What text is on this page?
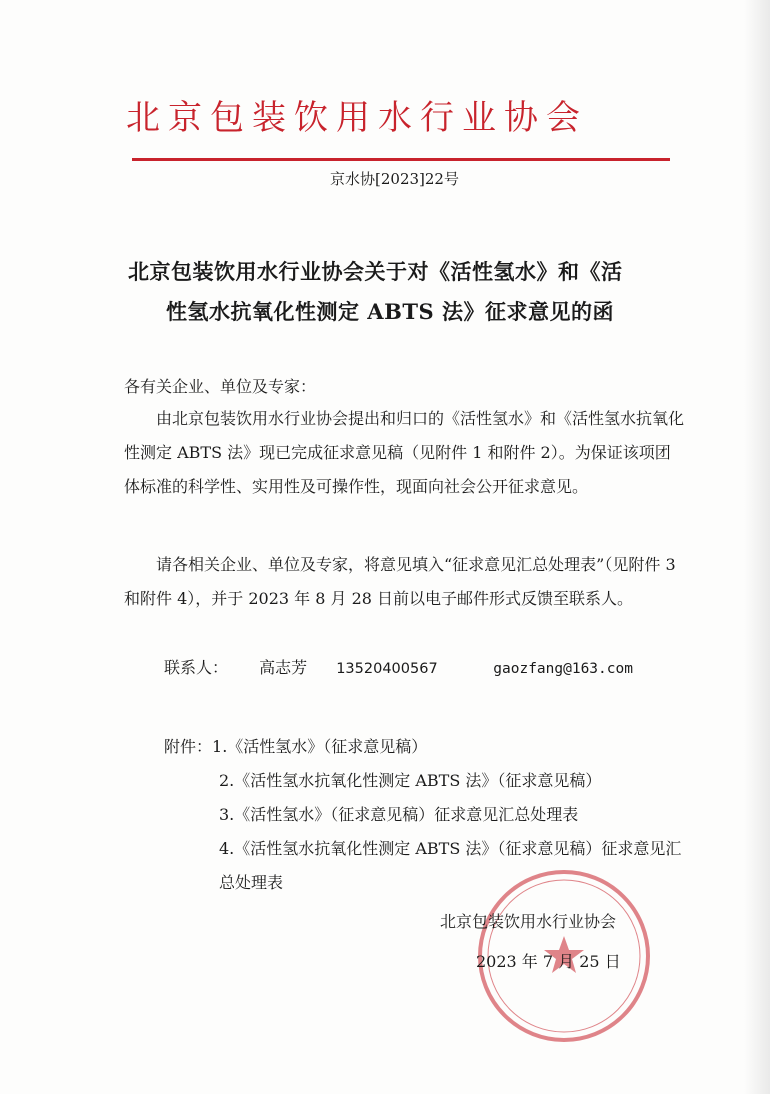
北京包装饮用水行业协会
京水协[2023]22号
北京包装饮用水行业协会关于对《活性氢水》和《活
性氢水抗氧化性测定 ABTS 法》征求意见的函
各有关企业、单位及专家：
由北京包装饮用水行业协会提出和归口的《活性氢水》和《活性氢水抗氧化性测定 ABTS 法》现已完成征求意见稿（见附件 1 和附件 2）。为保证该项团体标准的科学性、实用性及可操作性，现面向社会公开征求意见。
请各相关企业、单位及专家，将意见填入“征求意见汇总处理表”（见附件 3 和附件 4），并于 2023 年 8 月 28 日前以电子邮件形式反馈至联系人。
联系人： 高志芳 13520400567	gaozfang@163.com
附件：1.《活性氢水》（征求意见稿）
2.《活性氢水抗氧化性测定 ABTS 法》（征求意见稿）
3.《活性氢水》（征求意见稿）征求意见汇总处理表
4.《活性氢水抗氧化性测定 ABTS 法》（征求意见稿）征求意见汇总处理表
北京包装饮用水行业协会
2023 年 7 月 25 日
